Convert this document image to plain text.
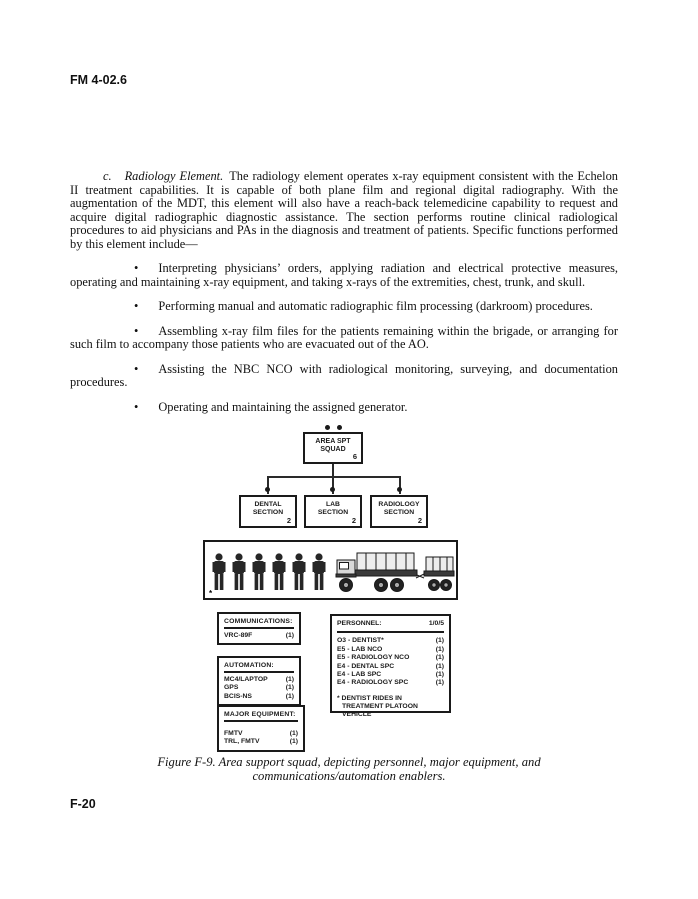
FM 4-02.6

c. Radiology Element. The radiology element operates x-ray equipment consistent with the Echelon II treatment capabilities. It is capable of both plane film and regional digital radiography. With the augmentation of the MDT, this element will also have a reach-back telemedicine capability to request and acquire digital radiographic diagnostic assistance. The section performs routine clinical radiological procedures to aid physicians and PAs in the diagnosis and treatment of patients. Specific functions performed by this element include—

• Interpreting physicians’ orders, applying radiation and electrical protective measures, operating and maintaining x-ray equipment, and taking x-rays of the extremities, chest, trunk, and skull.

• Performing manual and automatic radiographic film processing (darkroom) procedures.

• Assembling x-ray film files for the patients remaining within the brigade, or arranging for such film to accompany those patients who are evacuated out of the AO.

• Assisting the NBC NCO with radiological monitoring, surveying, and documentation procedures.

• Operating and maintaining the assigned generator.

AREA SPT
SQUAD
6
DENTAL
SECTION
2
LAB
SECTION
2
RADIOLOGY
SECTION
2
*
COMMUNICATIONS:
VRC-89F	(1)
AUTOMATION:
MC4/LAPTOP	(1)
GPS	(1)
BCIS-NS	(1)
MAJOR EQUIPMENT:
FMTV	(1)
TRL, FMTV	(1)
PERSONNEL:	1/0/5
O3 - DENTIST*	(1)
E5 - LAB NCO	(1)
E5 - RADIOLOGY NCO	(1)
E4 - DENTAL SPC	(1)
E4 - LAB SPC	(1)
E4 - RADIOLOGY SPC	(1)
* DENTIST RIDES IN TREATMENT PLATOON VEHICLE
Figure F-9. Area support squad, depicting personnel, major equipment, and communications/automation enablers.
F-20
